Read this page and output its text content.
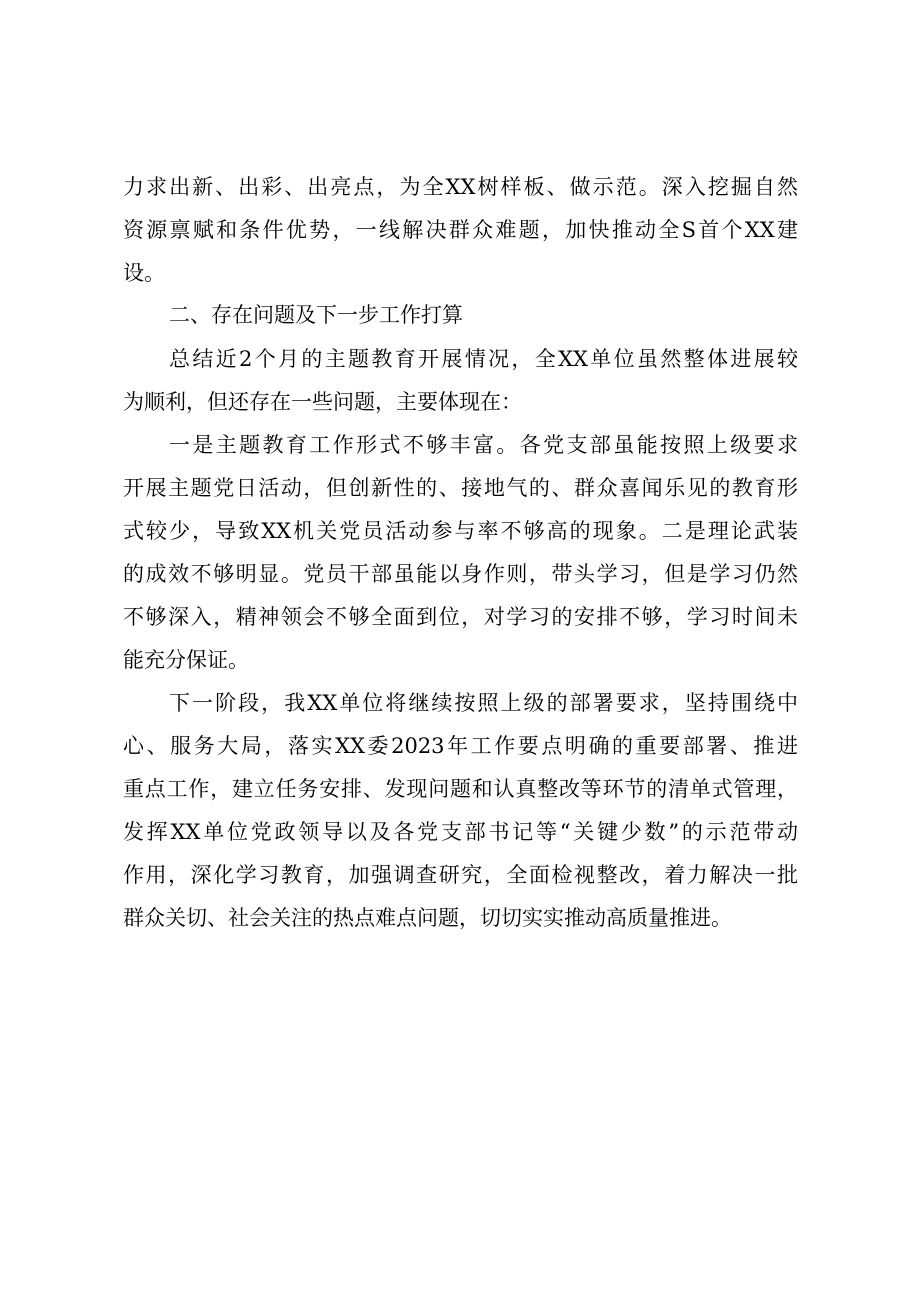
力求出新、出彩、出亮点，为全XX树样板、做示范。深入挖掘自然
资源禀赋和条件优势，一线解决群众难题，加快推动全S首个XX建
设。
二、存在问题及下一步工作打算
总结近2个月的主题教育开展情况，全XX单位虽然整体进展较
为顺利，但还存在一些问题，主要体现在：
一是主题教育工作形式不够丰富。各党支部虽能按照上级要求
开展主题党日活动，但创新性的、接地气的、群众喜闻乐见的教育形
式较少，导致XX机关党员活动参与率不够高的现象。二是理论武装
的成效不够明显。党员干部虽能以身作则，带头学习，但是学习仍然
不够深入，精神领会不够全面到位，对学习的安排不够，学习时间未
能充分保证。
下一阶段，我XX单位将继续按照上级的部署要求，坚持围绕中
心、服务大局，落实XX委2023年工作要点明确的重要部署、推进
重点工作，建立任务安排、发现问题和认真整改等环节的清单式管理，
发挥XX单位党政领导以及各党支部书记等“关键少数”的示范带动
作用，深化学习教育，加强调查研究，全面检视整改，着力解决一批
群众关切、社会关注的热点难点问题，切切实实推动高质量推进。
